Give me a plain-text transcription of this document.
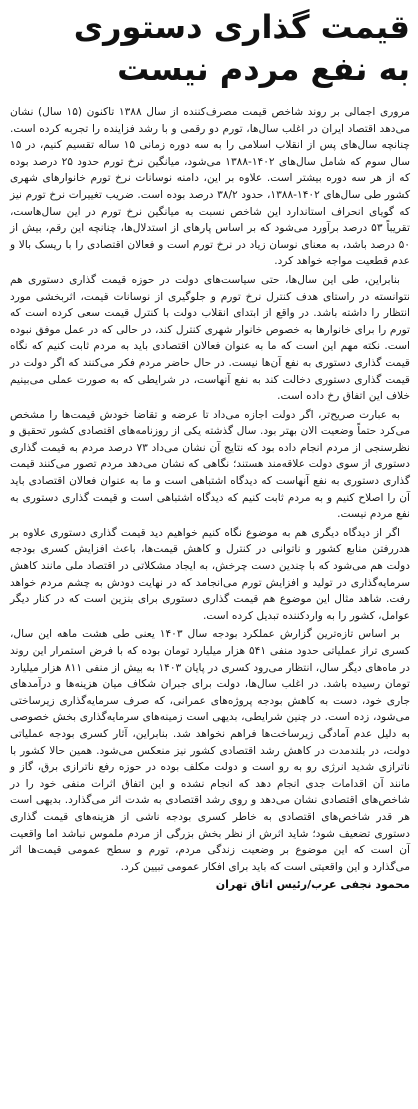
قیمت گذاری دستوری
به نفع مردم نیست

مروری اجمالی بر روند شاخص قیمت مصرف‌کننده از سال ۱۳۸۸ تاکنون (۱۵ سال) نشان می‌دهد اقتصاد ایران در اغلب سال‌ها، تورم دو رقمی و با رشد فزاینده را تجربه کرده است. چنانچه سال‌های پس از انقلاب اسلامی را به سه دوره زمانی ۱۵ ساله تقسیم کنیم، در ۱۵ سال سوم که شامل سال‌های ۱۴۰۲-۱۳۸۸ می‌شود، میانگین نرخ تورم حدود ۲۵ درصد بوده که از هر سه دوره بیشتر است. علاوه بر این، دامنه نوسانات نرخ تورم خانوارهای شهری کشور طی سال‌های ۱۴۰۲-۱۳۸۸، حدود ۳۸/۲ درصد بوده است. ضریب تغییرات نرخ تورم نیز که گویای انحراف استاندارد این شاخص نسبت به میانگین نرخ تورم در این سال‌هاست، تقریباً ۵۳ درصد برآورد می‌شود که بر اساس پارهای از استدلال‌ها، چنانچه این رقم، بیش از ۵۰ درصد باشد، به معنای نوسان زیاد در نرخ تورم است و فعالان اقتصادی را با ریسک بالا و عدم قطعیت مواجه خواهد کرد.

بنابراین، طی این سال‌ها، حتی سیاست‌های دولت در حوزه قیمت گذاری دستوری هم نتوانسته در راستای هدف کنترل نرخ تورم و جلوگیری از نوسانات قیمت، اثربخشی مورد انتظار را داشته باشد. در واقع از ابتدای انقلاب دولت با کنترل قیمت سعی کرده است که تورم را برای خانوارها به خصوص خانوار شهری کنترل کند، در حالی که در عمل موفق نبوده است. نکته مهم این است که ما به عنوان فعالان اقتصادی باید به مردم ثابت کنیم که نگاه قیمت گذاری دستوری به نفع آن‌ها نیست. در حال حاضر مردم فکر می‌کنند که اگر دولت در قیمت گذاری دستوری دخالت کند به نفع آنهاست، در شرایطی که به صورت عملی می‌بینیم خلاف این اتفاق رخ داده است.

به عبارت صریح‌تر، اگر دولت اجازه می‌داد تا عرضه و تقاضا خودش قیمت‌ها را مشخص می‌کرد حتماً وضعیت الان بهتر بود. سال گذشته یکی از روزنامه‌های اقتصادی کشور تحقیق و نظرسنجی از مردم انجام داده بود که نتایج آن نشان می‌داد ۷۳ درصد مردم به قیمت گذاری دستوری از سوی دولت علاقه‌مند هستند؛ نگاهی که نشان می‌دهد مردم تصور می‌کنند قیمت گذاری دستوری به نفع آنهاست که دیدگاه اشتباهی است و ما به عنوان فعالان اقتصادی باید آن را اصلاح کنیم و به مردم ثابت کنیم که دیدگاه اشتباهی است و قیمت گذاری دستوری به نفع مردم نیست.

اگر از دیدگاه دیگری هم به موضوع نگاه کنیم خواهیم دید قیمت گذاری دستوری علاوه بر هدررفتن منابع کشور و ناتوانی در کنترل و کاهش قیمت‌ها، باعث افزایش کسری بودجه دولت هم می‌شود که با چندین دست چرخش، به ایجاد مشکلاتی در اقتصاد ملی مانند کاهش سرمایه‌گذاری در تولید و افزایش تورم می‌انجامد که در نهایت دودش به چشم مردم خواهد رفت. شاهد مثال این موضوع هم قیمت گذاری دستوری برای بنزین است که در کنار دیگر عوامل، کشور را به واردکننده تبدیل کرده است.

بر اساس تازه‌ترین گزارش عملکرد بودجه سال ۱۴۰۳ یعنی طی هشت ماهه این سال، کسری تراز عملیاتی حدود منفی ۵۴۱ هزار میلیارد تومان بوده که با فرض استمرار این روند در ماه‌های دیگر سال، انتظار می‌رود کسری در پایان ۱۴۰۳ به بیش از منفی ۸۱۱ هزار میلیارد تومان رسیده باشد. در اغلب سال‌ها، دولت برای جبران شکاف میان هزینه‌ها و درآمدهای جاری خود، دست به کاهش بودجه پروژه‌های عمرانی، که صرف سرمایه‌گذاری زیرساختی می‌شود، زده است. در چنین شرایطی، بدیهی است زمینه‌های سرمایه‌گذاری بخش خصوصی به دلیل عدم آمادگی زیرساخت‌ها فراهم نخواهد شد. بنابراین، آثار کسری بودجه عملیاتی دولت، در بلندمدت در کاهش رشد اقتصادی کشور نیز منعکس می‌شود. همین حالا کشور با ناترازی شدید انرژی رو به رو است و دولت مکلف بوده در حوزه رفع ناترازی برق، گاز و مانند آن اقدامات جدی انجام دهد که انجام نشده و این اتفاق اثرات منفی خود را در شاخص‌های اقتصادی نشان می‌دهد و روی رشد اقتصادی به شدت اثر می‌گذارد. بدیهی است هر قدر شاخص‌های اقتصادی به خاطر کسری بودجه ناشی از هزینه‌های قیمت گذاری دستوری تضعیف شود؛ شاید اثرش از نظر بخش بزرگی از مردم ملموس نباشد اما واقعیت آن است که این موضوع بر وضعیت زندگی مردم، تورم و سطح عمومی قیمت‌ها اثر می‌گذارد و این واقعیتی است که باید برای افکار عمومی تبیین کرد.

محمود نجفی عرب/رئیس اتاق تهران
